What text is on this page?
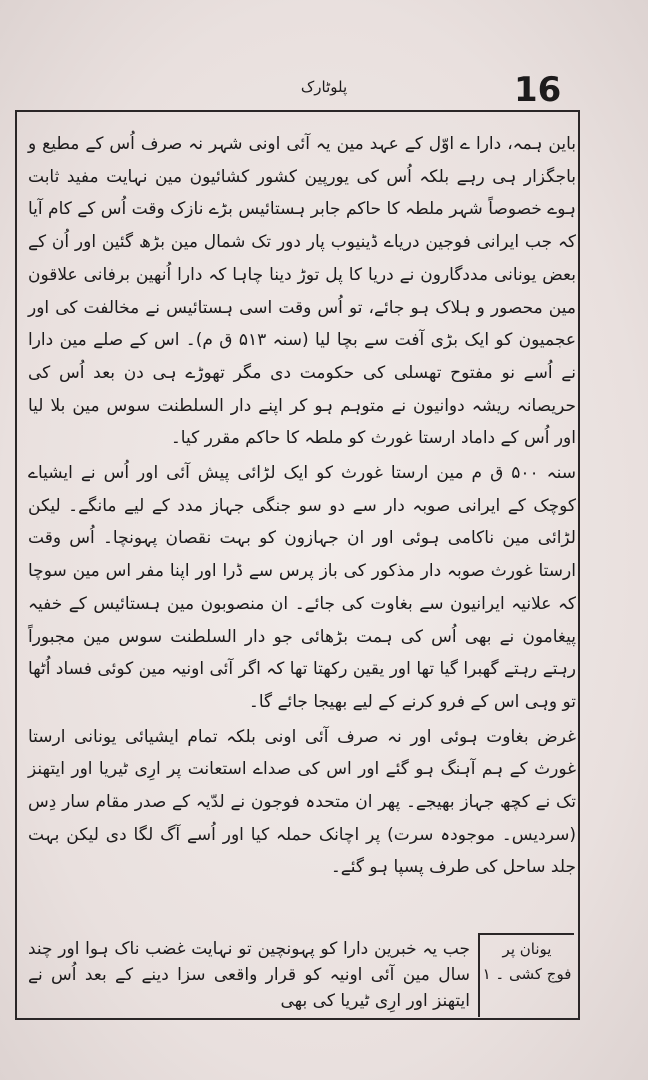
16
پلوٹارک

باین ہمہ، دارا ے اوّل کے عہد مین یہ آئی اونی شہر نہ صرف اُس کے مطیع و باجگزار ہی رہے بلکہ اُس کی یورپین کشور کشائیون مین نہایت مفید ثابت ہوے خصوصاً شہر ملطہ کا حاکم جابر ہستائیس بڑے نازک وقت اُس کے کام آیا کہ جب ایرانی فوجین دریاے ڈینیوب پار دور تک شمال مین بڑھ گئین اور اُن کے بعض یونانی مددگارون نے دریا کا پل توڑ دینا چاہا کہ دارا اُنھین برفانی علاقون مین محصور و ہلاک ہو جائے، تو اُس وقت اسی ہستائیس نے مخالفت کی اور عجمیون کو ایک بڑی آفت سے بچا لیا (سنہ ۵۱۳ ق م)۔ اس کے صلے مین دارا نے اُسے نو مفتوح تھسلی کی حکومت دی مگر تھوڑے ہی دن بعد اُس کی حریصانہ ریشہ دوانیون نے متوہم ہو کر اپنے دار السلطنت سوس مین بلا لیا اور اُس کے داماد ارستا غورث کو ملطہ کا حاکم مقرر کیا۔

سنہ ۵۰۰ ق م مین ارستا غورث کو ایک لڑائی پیش آئی اور اُس نے ایشیاے کوچک کے ایرانی صوبہ دار سے دو سو جنگی جہاز مدد کے لیے مانگے۔ لیکن لڑائی مین ناکامی ہوئی اور ان جہازون کو بہت نقصان پہونچا۔ اُس وقت ارستا غورث صوبہ دار مذکور کی باز پرس سے ڈرا اور اپنا مفر اس مین سوچا کہ علانیہ ایرانیون سے بغاوت کی جائے۔ ان منصوبون مین ہستائیس کے خفیہ پیغامون نے بھی اُس کی ہمت بڑھائی جو دار السلطنت سوس مین مجبوراً رہتے رہتے گھبرا گیا تھا اور یقین رکھتا تھا کہ اگر آئی اونیہ مین کوئی فساد اُٹھا تو وہی اس کے فرو کرنے کے لیے بھیجا جائے گا۔

غرض بغاوت ہوئی اور نہ صرف آئی اونی بلکہ تمام ایشیائی یونانی ارستا غورث کے ہم آہنگ ہو گئے اور اس کی صداے استعانت پر ارِی ٹیریا اور ایتھنز تک نے کچھ جہاز بھیجے۔ پھر ان متحدہ فوجون نے لدّیہ کے صدر مقام سار دِس (سردیس۔ موجودہ سرت) پر اچانک حملہ کیا اور اُسے آگ لگا دی لیکن بہت جلد ساحل کی طرف پسپا ہو گئے۔

جب یہ خبرین دارا کو پہونچین تو نہایت غضب ناک ہوا اور چند سال مین آئی اونیہ کو قرار واقعی سزا دینے کے بعد اُس نے ایتھنز اور ارِی ٹیریا کی بھی
یونان پر
فوج کشی ۔ ۱
